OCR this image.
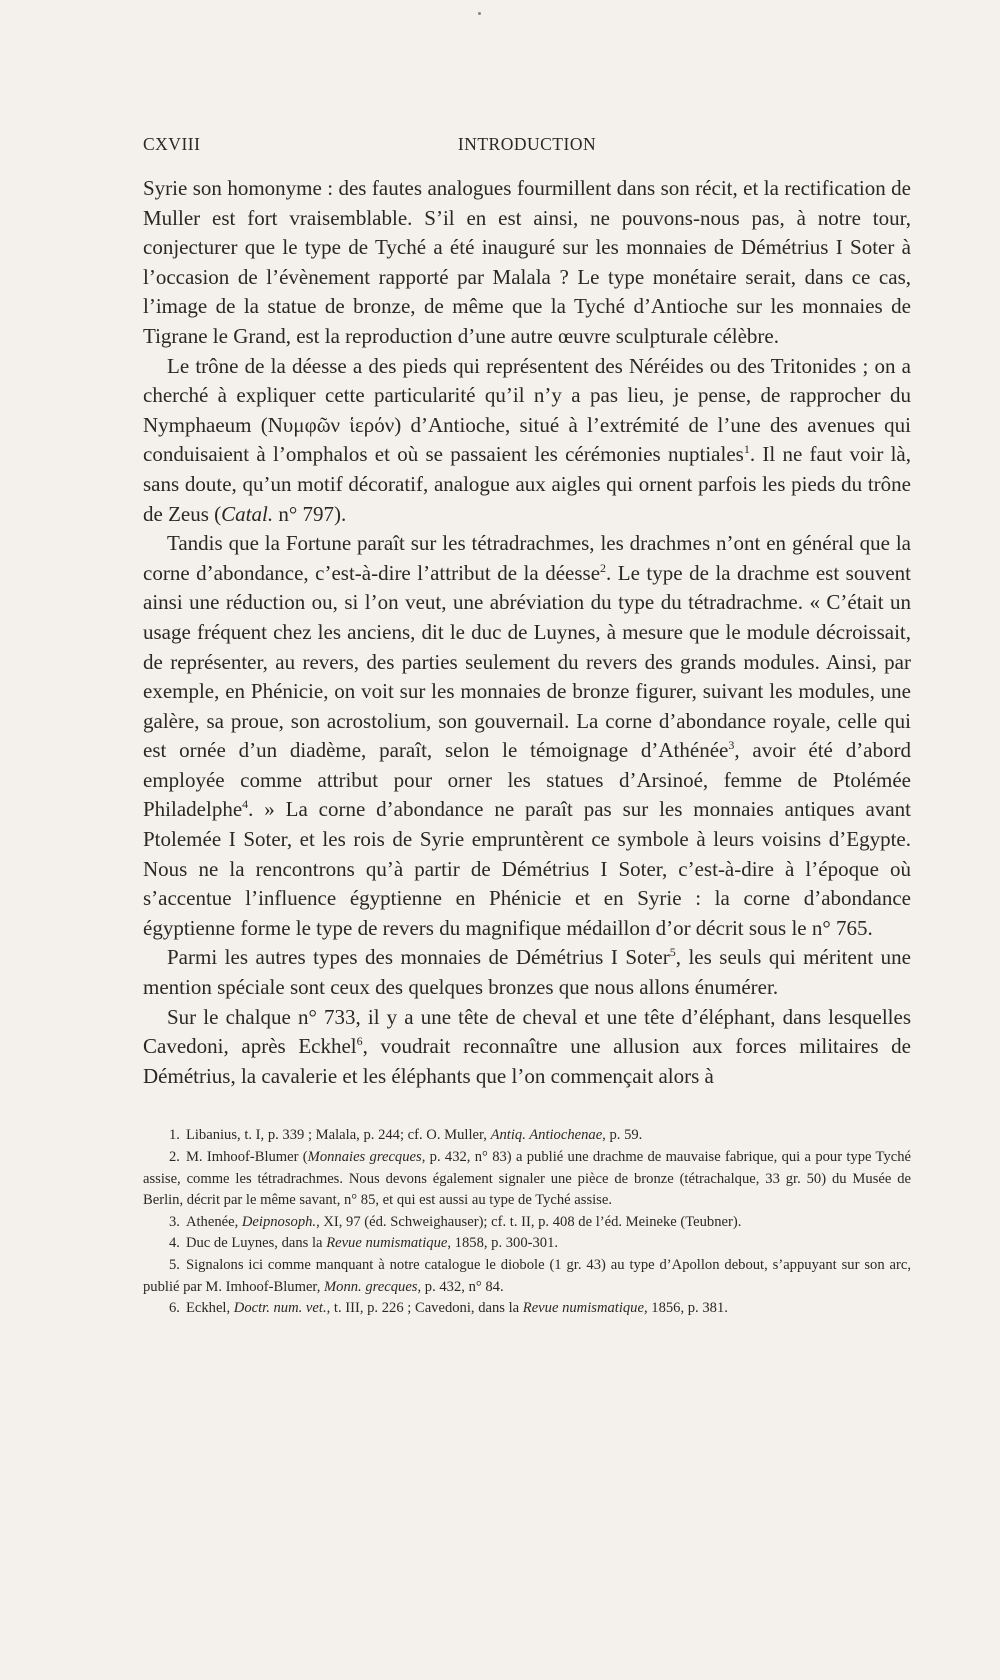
CXVIII	INTRODUCTION

Syrie son homonyme : des fautes analogues fourmillent dans son récit, et la rectification de Muller est fort vraisemblable. S’il en est ainsi, ne pouvons-nous pas, à notre tour, conjecturer que le type de Tyché a été inauguré sur les monnaies de Démétrius I Soter à l’occasion de l’évènement rapporté par Malala ? Le type monétaire serait, dans ce cas, l’image de la statue de bronze, de même que la Tyché d’Antioche sur les monnaies de Tigrane le Grand, est la reproduction d’une autre œuvre sculpturale célèbre.

Le trône de la déesse a des pieds qui représentent des Néréides ou des Tritonides ; on a cherché à expliquer cette particularité qu’il n’y a pas lieu, je pense, de rapprocher du Nymphaeum (Νυμφῶν ἱερόν) d’Antioche, situé à l’extrémité de l’une des avenues qui conduisaient à l’omphalos et où se passaient les cérémonies nuptiales$^1$. Il ne faut voir là, sans doute, qu’un motif décoratif, analogue aux aigles qui ornent parfois les pieds du trône de Zeus (Catal. n° 797).

Tandis que la Fortune paraît sur les tétradrachmes, les drachmes n’ont en général que la corne d’abondance, c’est-à-dire l’attribut de la déesse$^2$. Le type de la drachme est souvent ainsi une réduction ou, si l’on veut, une abréviation du type du tétradrachme. « C’était un usage fréquent chez les anciens, dit le duc de Luynes, à mesure que le module décroissait, de représenter, au revers, des parties seulement du revers des grands modules. Ainsi, par exemple, en Phénicie, on voit sur les monnaies de bronze figurer, suivant les modules, une galère, sa proue, son acrostolium, son gouvernail. La corne d’abondance royale, celle qui est ornée d’un diadème, paraît, selon le témoignage d’Athénée$^3$, avoir été d’abord employée comme attribut pour orner les statues d’Arsinoé, femme de Ptolémée Philadelphe$^4$. » La corne d’abondance ne paraît pas sur les monnaies antiques avant Ptolemée I Soter, et les rois de Syrie empruntèrent ce symbole à leurs voisins d’Egypte. Nous ne la rencontrons qu’à partir de Démétrius I Soter, c’est-à-dire à l’époque où s’accentue l’influence égyptienne en Phénicie et en Syrie : la corne d’abondance égyptienne forme le type de revers du magnifique médaillon d’or décrit sous le n° 765.

Parmi les autres types des monnaies de Démétrius I Soter$^5$, les seuls qui méritent une mention spéciale sont ceux des quelques bronzes que nous allons énumérer.

Sur le chalque n° 733, il y a une tête de cheval et une tête d’éléphant, dans lesquelles Cavedoni, après Eckhel$^6$, voudrait reconnaître une allusion aux forces militaires de Démétrius, la cavalerie et les éléphants que l’on commençait alors à

1. Libanius, t. I, p. 339 ; Malala, p. 244; cf. O. Muller, Antiq. Antiochenae, p. 59.

2. M. Imhoof-Blumer (Monnaies grecques, p. 432, n° 83) a publié une drachme de mauvaise fabrique, qui a pour type Tyché assise, comme les tétradrachmes. Nous devons également signaler une pièce de bronze (tétrachalque, 33 gr. 50) du Musée de Berlin, décrit par le même savant, n° 85, et qui est aussi au type de Tyché assise.

3. Athenée, Deipnosoph., XI, 97 (éd. Schweighauser); cf. t. II, p. 408 de l’éd. Meineke (Teubner).

4. Duc de Luynes, dans la Revue numismatique, 1858, p. 300-301.

5. Signalons ici comme manquant à notre catalogue le diobole (1 gr. 43) au type d’Apollon debout, s’appuyant sur son arc, publié par M. Imhoof-Blumer, Monn. grecques, p. 432, n° 84.

6. Eckhel, Doctr. num. vet., t. III, p. 226 ; Cavedoni, dans la Revue numismatique, 1856, p. 381.
